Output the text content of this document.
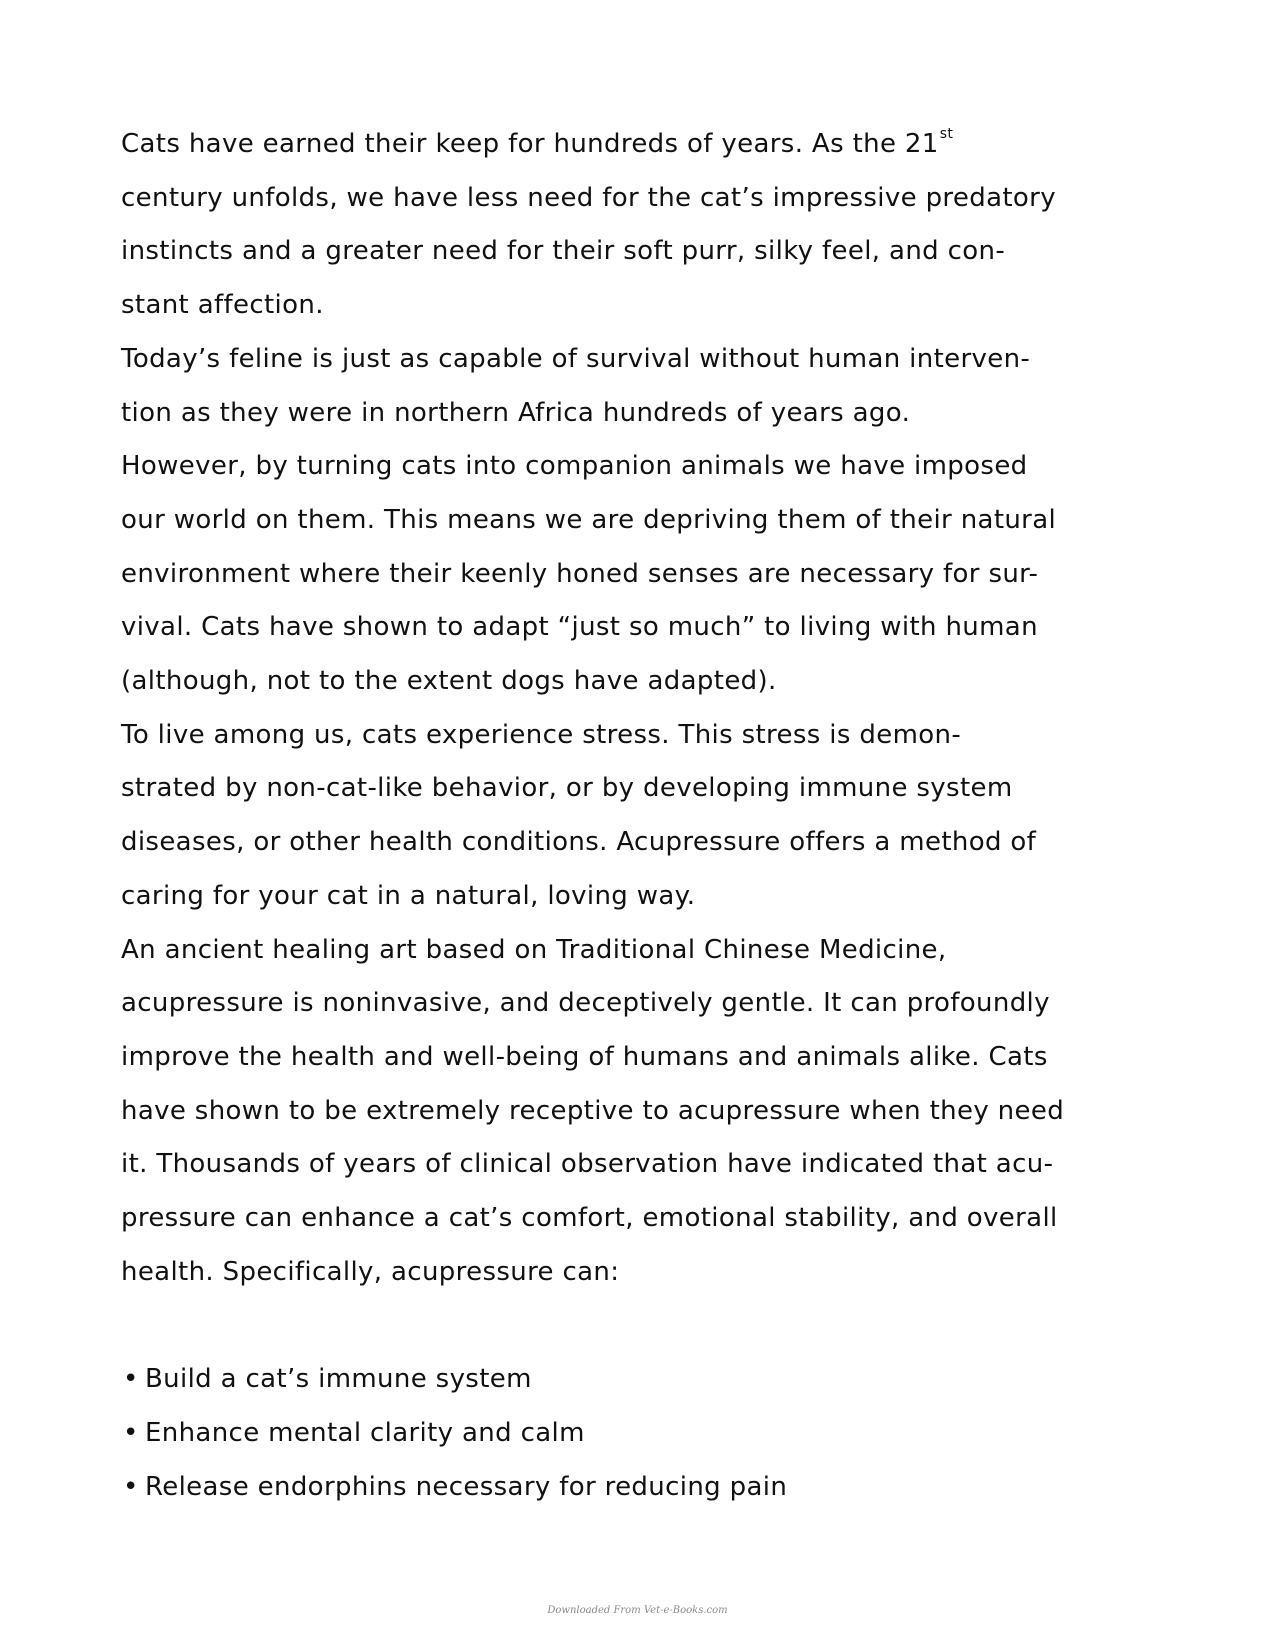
Cats have earned their keep for hundreds of years. As the 21st
century unfolds, we have less need for the cat’s impressive predatory
instincts and a greater need for their soft purr, silky feel, and con-
stant affection.

Today’s feline is just as capable of survival without human interven-
tion as they were in northern Africa hundreds of years ago.

However, by turning cats into companion animals we have imposed
our world on them. This means we are depriving them of their natural
environment where their keenly honed senses are necessary for sur-
vival. Cats have shown to adapt “just so much” to living with human
(although, not to the extent dogs have adapted).

To live among us, cats experience stress. This stress is demon-
strated by non-cat-like behavior, or by developing immune system
diseases, or other health conditions. Acupressure offers a method of
caring for your cat in a natural, loving way.

An ancient healing art based on Traditional Chinese Medicine,
acupressure is noninvasive, and deceptively gentle. It can profoundly
improve the health and well-being of humans and animals alike. Cats
have shown to be extremely receptive to acupressure when they need
it. Thousands of years of clinical observation have indicated that acu-
pressure can enhance a cat’s comfort, emotional stability, and overall
health. Specifically, acupressure can:

• Build a cat’s immune system
• Enhance mental clarity and calm
• Release endorphins necessary for reducing pain
Downloaded From Vet-e-Books.com
